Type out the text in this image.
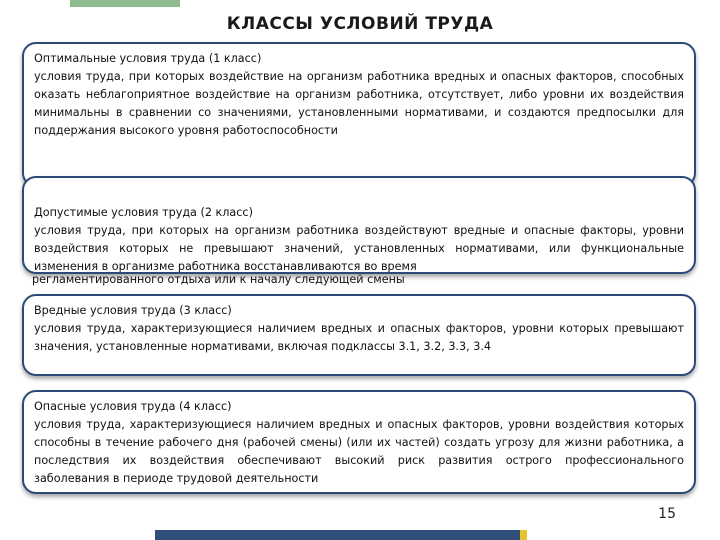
КЛАССЫ УСЛОВИЙ ТРУДА
Оптимальные условия труда (1 класс)
условия труда, при которых воздействие на организм работника вредных и опасных факторов, способных оказать неблагоприятное воздействие на организм работника, отсутствует, либо уровни их воздействия минимальны в сравнении со значениями, установленными нормативами, и создаются предпосылки для поддержания высокого уровня работоспособности
Допустимые условия труда (2 класс)
условия труда, при которых на организм работника воздействуют вредные и опасные факторы, уровни воздействия которых не превышают значений, установленных нормативами, или функциональные изменения в организме работника восстанавливаются во время
регламентированного отдыха или к началу следующей смены
Вредные условия труда (3 класс)
условия труда, характеризующиеся наличием вредных и опасных факторов, уровни которых превышают значения, установленные нормативами, включая подклассы 3.1, 3.2, 3.3, 3.4
Опасные условия труда (4 класс)
условия труда, характеризующиеся наличием вредных и опасных факторов, уровни воздействия которых способны в течение рабочего дня (рабочей смены) (или их частей) создать угрозу для жизни работника, а последствия их воздействия обеспечивают высокий риск развития острого профессионального заболевания в периоде трудовой деятельности
15
